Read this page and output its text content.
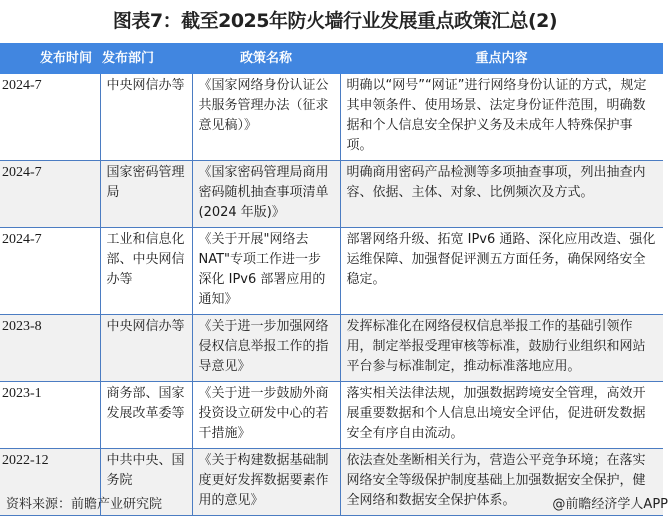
图表7：截至2025年防火墙行业发展重点政策汇总(2)
发布时间	发布部门	政策名称	重点内容
2024-7	中央网信办等	《国家网络身份认证公共服务管理办法（征求意见稿）》	明确以“网号”“网证”进行网络身份认证的方式，规定其申领条件、使用场景、法定身份证件范围，明确数据和个人信息安全保护义务及未成年人特殊保护事项。
2024-7	国家密码管理局	《国家密码管理局商用密码随机抽查事项清单(2024 年版)》	明确商用密码产品检测等多项抽查事项，列出抽查内容、依据、主体、对象、比例频次及方式。
2024-7	工业和信息化部、中央网信办等	《关于开展"网络去NAT"专项工作进一步深化 IPv6 部署应用的通知》	部署网络升级、拓宽 IPv6 通路、深化应用改造、强化运维保障、加强督促评测五方面任务，确保网络安全稳定。
2023-8	中央网信办等	《关于进一步加强网络侵权信息举报工作的指导意见》	发挥标准化在网络侵权信息举报工作的基础引领作用，制定举报受理审核等标准，鼓励行业组织和网站平台参与标准制定，推动标准落地应用。
2023-1	商务部、国家发展改革委等	《关于进一步鼓励外商投资设立研发中心的若干措施》	落实相关法律法规，加强数据跨境安全管理，高效开展重要数据和个人信息出境安全评估，促进研发数据安全有序自由流动。
2022-12	中共中央、国务院	《关于构建数据基础制度更好发挥数据要素作用的意见》	依法查处垄断相关行为，营造公平竞争环境；在落实网络安全等级保护制度基础上加强数据安全保护，健全网络和数据安全保护体系。
资料来源：前瞻产业研究院	@前瞻经济学人APP
